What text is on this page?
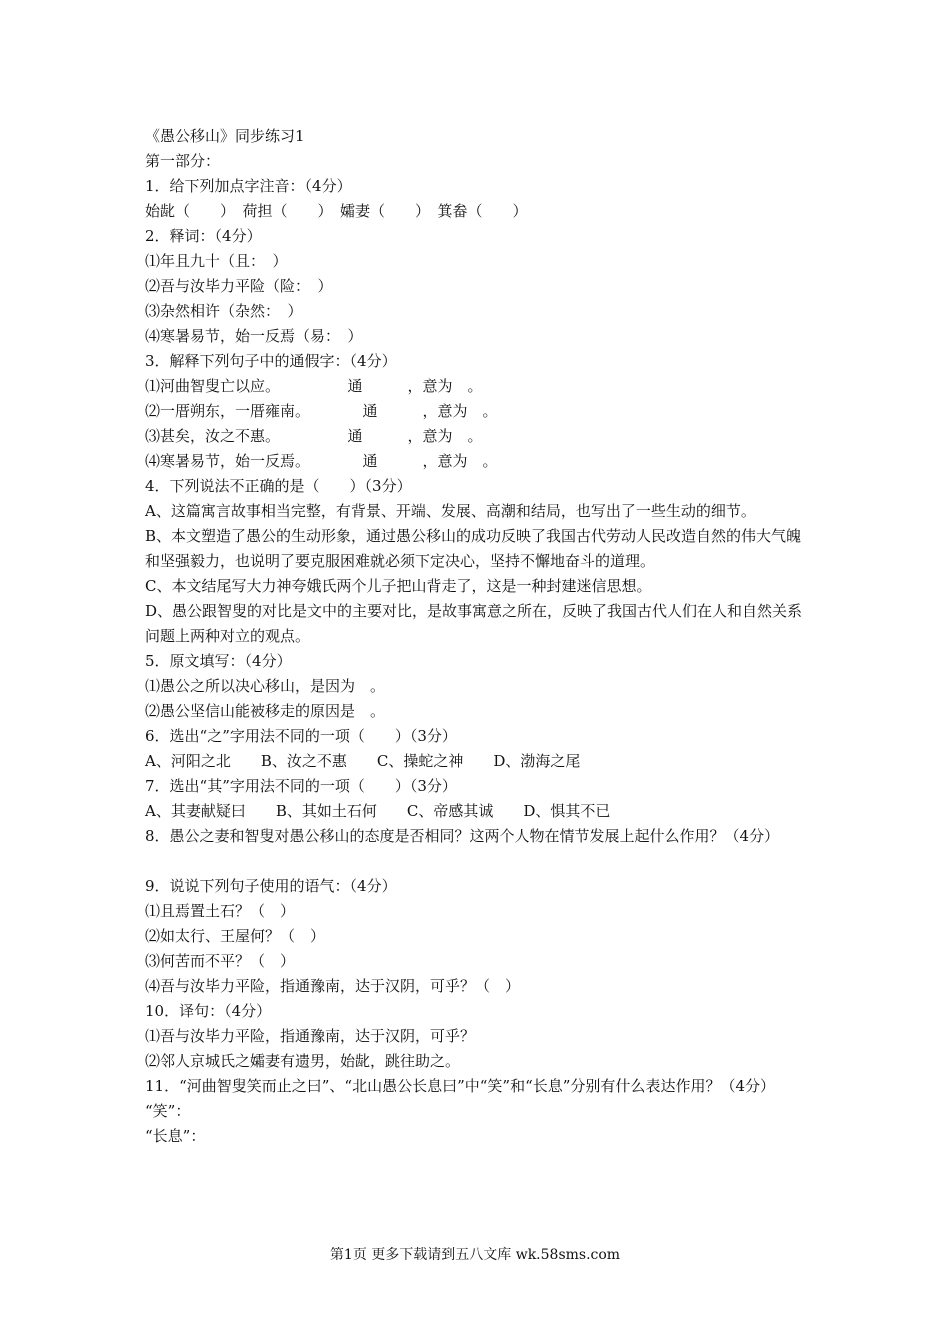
《愚公移山》同步练习1
第一部分：
1．给下列加点字注音：（4分）
始龀（　　）　荷担（　　）　孀妻（　　）　箕畚（　　）
2．释词：（4分）
⑴年且九十（且：　）
⑵吾与汝毕力平险（险：　）
⑶杂然相许（杂然：　）
⑷寒暑易节，始一反焉（易：　）
3．解释下列句子中的通假字：（4分）
⑴河曲智叟亡以应。　　　　　通　　　，意为　。
⑵一厝朔东，一厝雍南。　　　　通　　　，意为　。
⑶甚矣，汝之不惠。　　　　　通　　　，意为　。
⑷寒暑易节，始一反焉。　　　　通　　　，意为　。
4．下列说法不正确的是（　　）（3分）
A、这篇寓言故事相当完整，有背景、开端、发展、高潮和结局，也写出了一些生动的细节。
B、本文塑造了愚公的生动形象，通过愚公移山的成功反映了我国古代劳动人民改造自然的伟大气魄和坚强毅力，也说明了要克服困难就必须下定决心，坚持不懈地奋斗的道理。
C、本文结尾写大力神夸娥氏两个儿子把山背走了，这是一种封建迷信思想。
D、愚公跟智叟的对比是文中的主要对比，是故事寓意之所在，反映了我国古代人们在人和自然关系问题上两种对立的观点。
5．原文填写：（4分）
⑴愚公之所以决心移山，是因为　。
⑵愚公坚信山能被移走的原因是　。
6．选出“之”字用法不同的一项（　　）（3分）
A、河阳之北　　B、汝之不惠　　C、操蛇之神　　D、渤海之尾
7．选出“其”字用法不同的一项（　　）（3分）
A、其妻献疑曰　　B、其如土石何　　C、帝感其诚　　D、惧其不已
8．愚公之妻和智叟对愚公移山的态度是否相同？这两个人物在情节发展上起什么作用？（4分）
9．说说下列句子使用的语气：（4分）
⑴且焉置土石？（　）
⑵如太行、王屋何？（　）
⑶何苦而不平？（　）
⑷吾与汝毕力平险，指通豫南，达于汉阴，可乎？（　）
10．译句：（4分）
⑴吾与汝毕力平险，指通豫南，达于汉阴，可乎？
⑵邻人京城氏之孀妻有遗男，始龀，跳往助之。
11．“河曲智叟笑而止之曰”、“北山愚公长息曰”中“笑”和“长息”分别有什么表达作用？（4分）
“笑”：
“长息”：
第1页 更多下载请到五八文库 wk.58sms.com
